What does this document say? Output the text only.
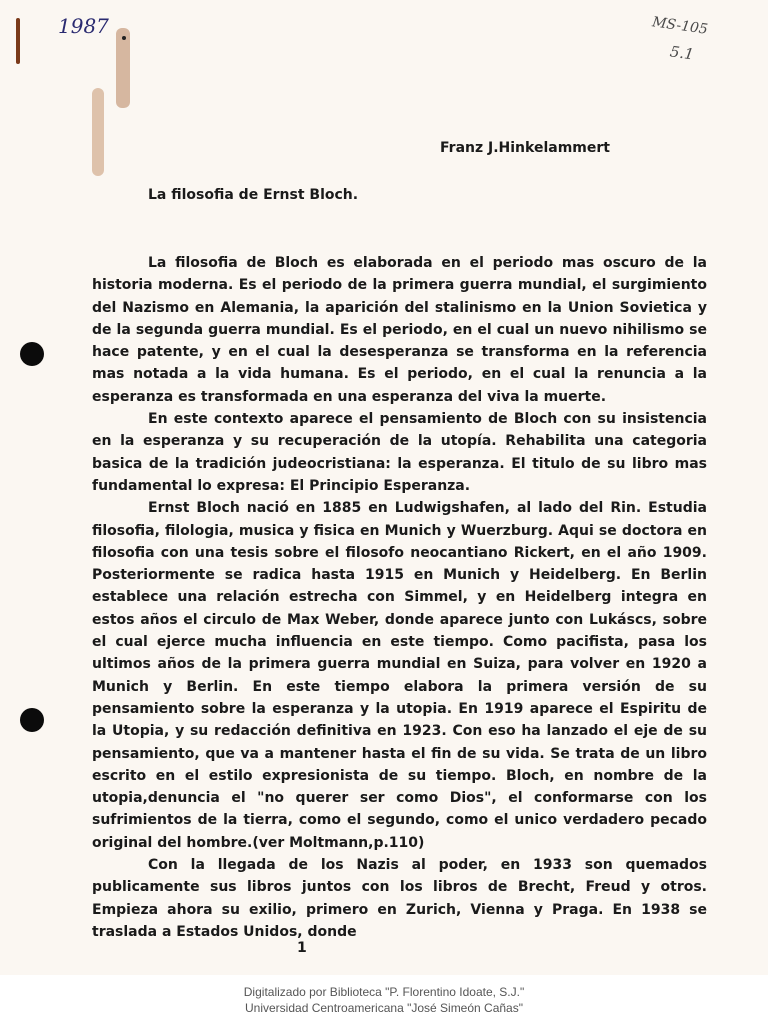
1987	MS-105
5.1
Franz J.Hinkelammert
La filosofia de Ernst Bloch.

La filosofia de Bloch es elaborada en el periodo mas oscuro de la historia moderna. Es el periodo de la primera guerra mundial, el surgimiento del Nazismo en Alemania, la aparición del stalinismo en la Union Sovietica y de la segunda guerra mundial. Es el periodo, en el cual un nuevo nihilismo se hace patente, y en el cual la desesperanza se transforma en la referencia mas notada a la vida humana. Es el periodo, en el cual la renuncia a la esperanza es transformada en una esperanza del viva la muerte.

En este contexto aparece el pensamiento de Bloch con su insistencia en la esperanza y su recuperación de la utopía. Rehabilita una categoria basica de la tradición judeocristiana: la esperanza. El titulo de su libro mas fundamental lo expresa: El Principio Esperanza.

Ernst Bloch nació en 1885 en Ludwigshafen, al lado del Rin. Estudia filosofia, filologia, musica y fisica en Munich y Wuerzburg. Aqui se doctora en filosofia con una tesis sobre el filosofo neocantiano Rickert, en el año 1909. Posteriormente se radica hasta 1915 en Munich y Heidelberg. En Berlin establece una relación estrecha con Simmel, y en Heidelberg integra en estos años el circulo de Max Weber, donde aparece junto con Lukáscs, sobre el cual ejerce mucha influencia en este tiempo. Como pacifista, pasa los ultimos años de la primera guerra mundial en Suiza, para volver en 1920 a Munich y Berlin. En este tiempo elabora la primera versión de su pensamiento sobre la esperanza y la utopia. En 1919 aparece el Espiritu de la Utopia, y su redacción definitiva en 1923. Con eso ha lanzado el eje de su pensamiento, que va a mantener hasta el fin de su vida. Se trata de un libro escrito en el estilo expresionista de su tiempo. Bloch, en nombre de la utopia,denuncia el "no querer ser como Dios", el conformarse con los sufrimientos de la tierra, como el segundo, como el unico verdadero pecado original del hombre.(ver Moltmann,p.110)

Con la llegada de los Nazis al poder, en 1933 son quemados publicamente sus libros juntos con los libros de Brecht, Freud y otros. Empieza ahora su exilio, primero en Zurich, Vienna y Praga. En 1938 se traslada a Estados Unidos, donde

1
Digitalizado por Biblioteca "P. Florentino Idoate, S.J."
Universidad Centroamericana "José Simeón Cañas"
